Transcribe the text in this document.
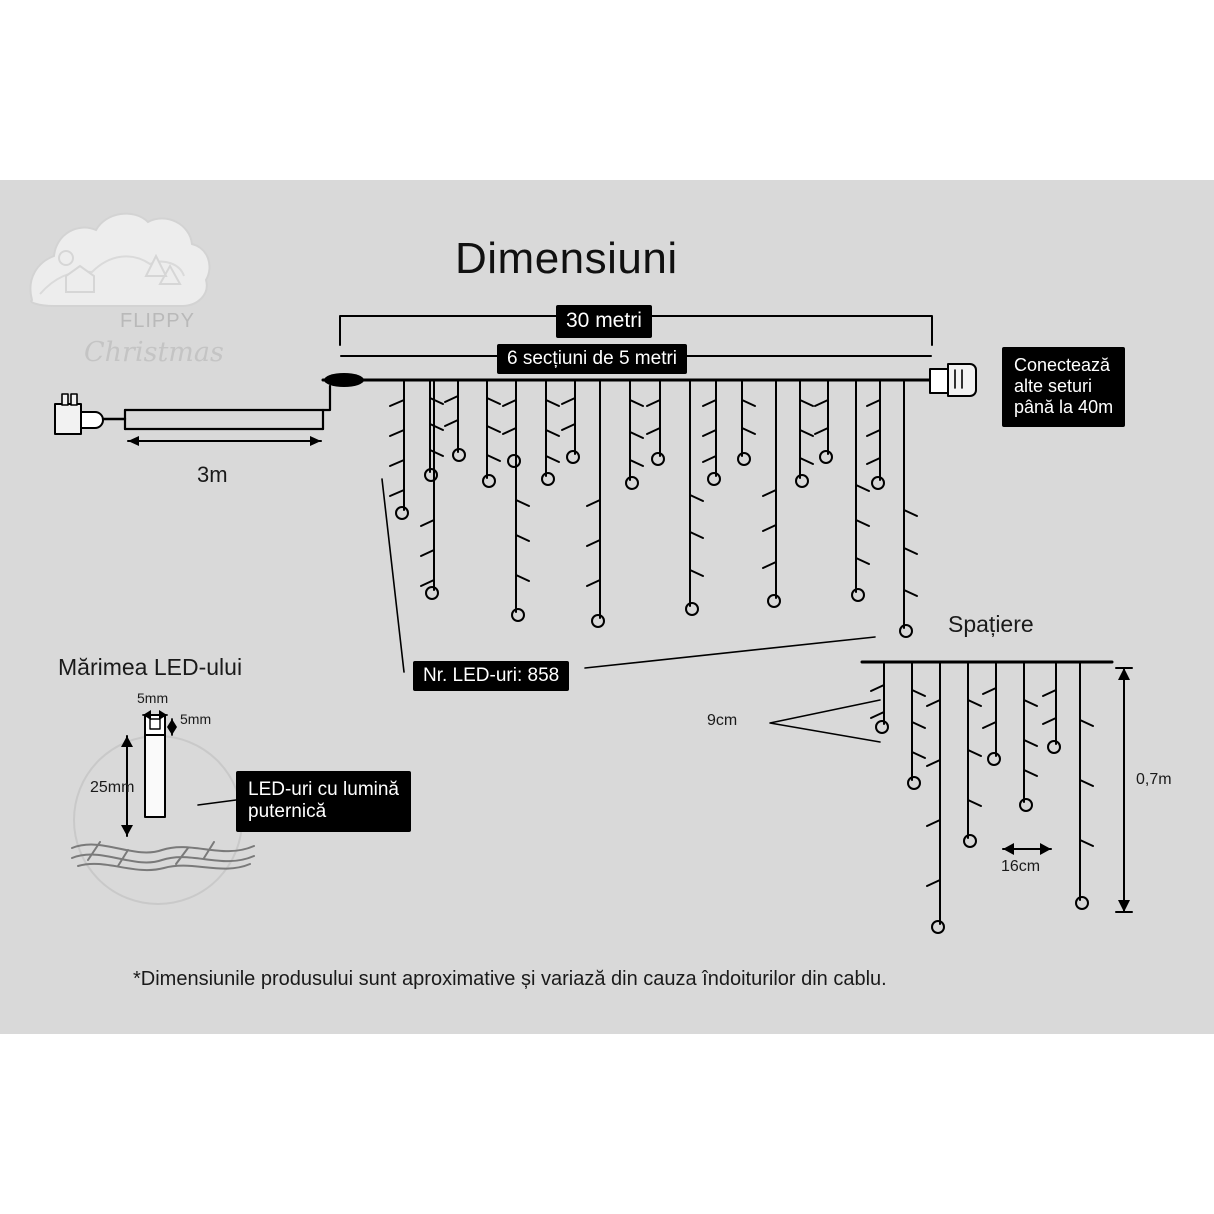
Dimensiuni
30 metri
6 secțiuni de 5 metri	Conectează
alte seturi
până la 40m
3m
Nr. LED-uri: 858
Mărimea LED-ului
5mm
5mm
25mm	LED-uri cu lumină
puternică
Spațiere
9cm
0,7m
16cm
*Dimensiunile produsului sunt aproximative și variază din cauza îndoiturilor din cablu.
FLIPPY
Christmas
